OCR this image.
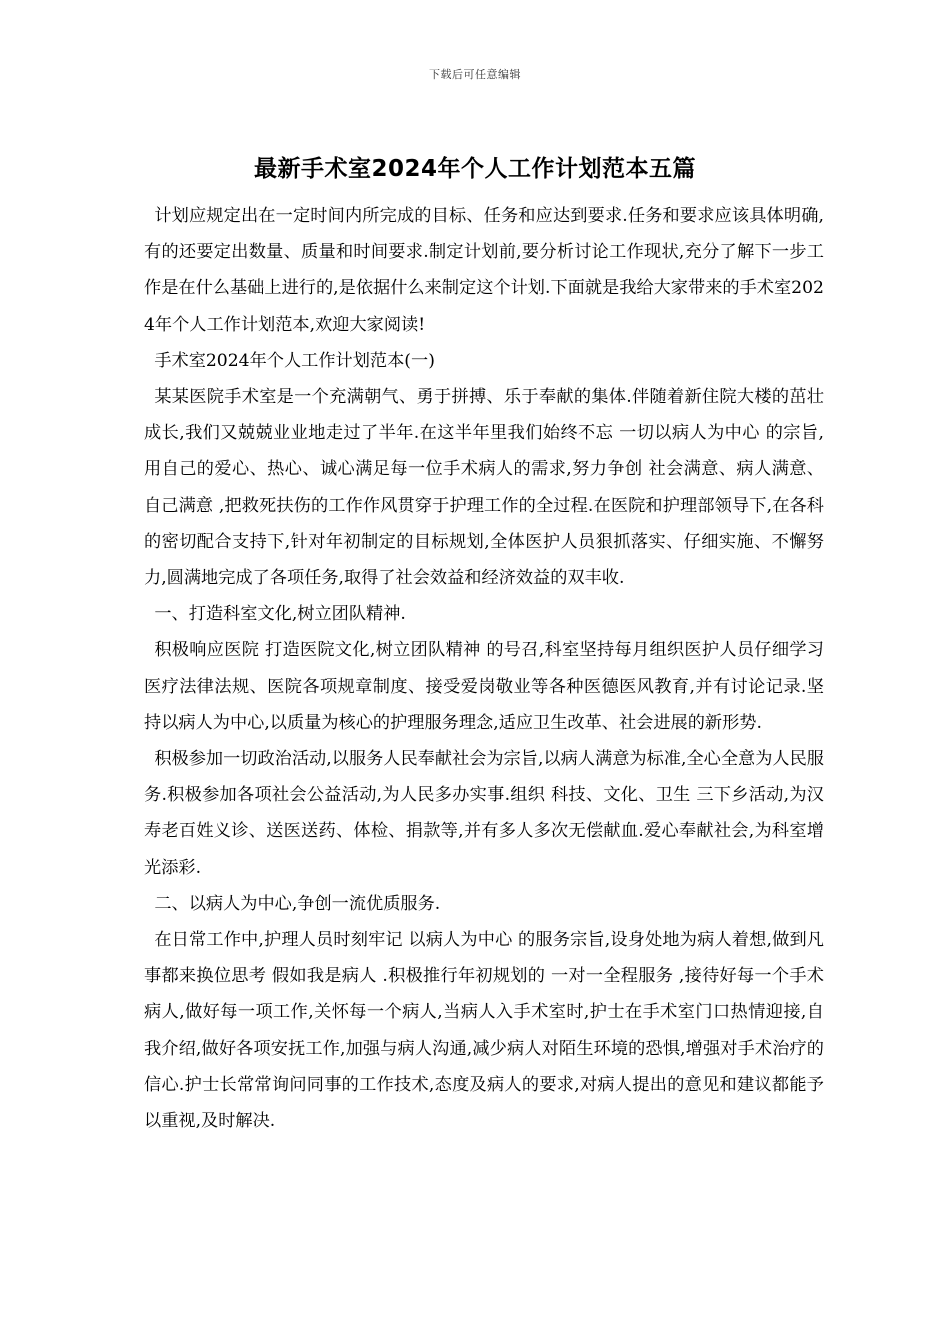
下载后可任意编辑
最新手术室2024年个人工作计划范本五篇

计划应规定出在一定时间内所完成的目标、任务和应达到要求.任务和要求应该具体明确,有的还要定出数量、质量和时间要求.制定计划前,要分析讨论工作现状,充分了解下一步工作是在什么基础上进行的,是依据什么来制定这个计划.下面就是我给大家带来的手术室2024年个人工作计划范本,欢迎大家阅读!

手术室2024年个人工作计划范本(一)

某某医院手术室是一个充满朝气、勇于拼搏、乐于奉献的集体.伴随着新住院大楼的茁壮成长,我们又兢兢业业地走过了半年.在这半年里我们始终不忘 一切以病人为中心 的宗旨,用自己的爱心、热心、诚心满足每一位手术病人的需求,努力争创 社会满意、病人满意、自己满意 ,把救死扶伤的工作作风贯穿于护理工作的全过程.在医院和护理部领导下,在各科的密切配合支持下,针对年初制定的目标规划,全体医护人员狠抓落实、仔细实施、不懈努力,圆满地完成了各项任务,取得了社会效益和经济效益的双丰收.

一、打造科室文化,树立团队精神.

积极响应医院 打造医院文化,树立团队精神 的号召,科室坚持每月组织医护人员仔细学习医疗法律法规、医院各项规章制度、接受爱岗敬业等各种医德医风教育,并有讨论记录.坚持以病人为中心,以质量为核心的护理服务理念,适应卫生改革、社会进展的新形势.

积极参加一切政治活动,以服务人民奉献社会为宗旨,以病人满意为标准,全心全意为人民服务.积极参加各项社会公益活动,为人民多办实事.组织 科技、文化、卫生 三下乡活动,为汉寿老百姓义诊、送医送药、体检、捐款等,并有多人多次无偿献血.爱心奉献社会,为科室增光添彩.

二、以病人为中心,争创一流优质服务.

在日常工作中,护理人员时刻牢记 以病人为中心 的服务宗旨,设身处地为病人着想,做到凡事都来换位思考 假如我是病人 .积极推行年初规划的 一对一全程服务 ,接待好每一个手术病人,做好每一项工作,关怀每一个病人,当病人入手术室时,护士在手术室门口热情迎接,自我介绍,做好各项安抚工作,加强与病人沟通,减少病人对陌生环境的恐惧,增强对手术治疗的信心.护士长常常询问同事的工作技术,态度及病人的要求,对病人提出的意见和建议都能予以重视,及时解决.
